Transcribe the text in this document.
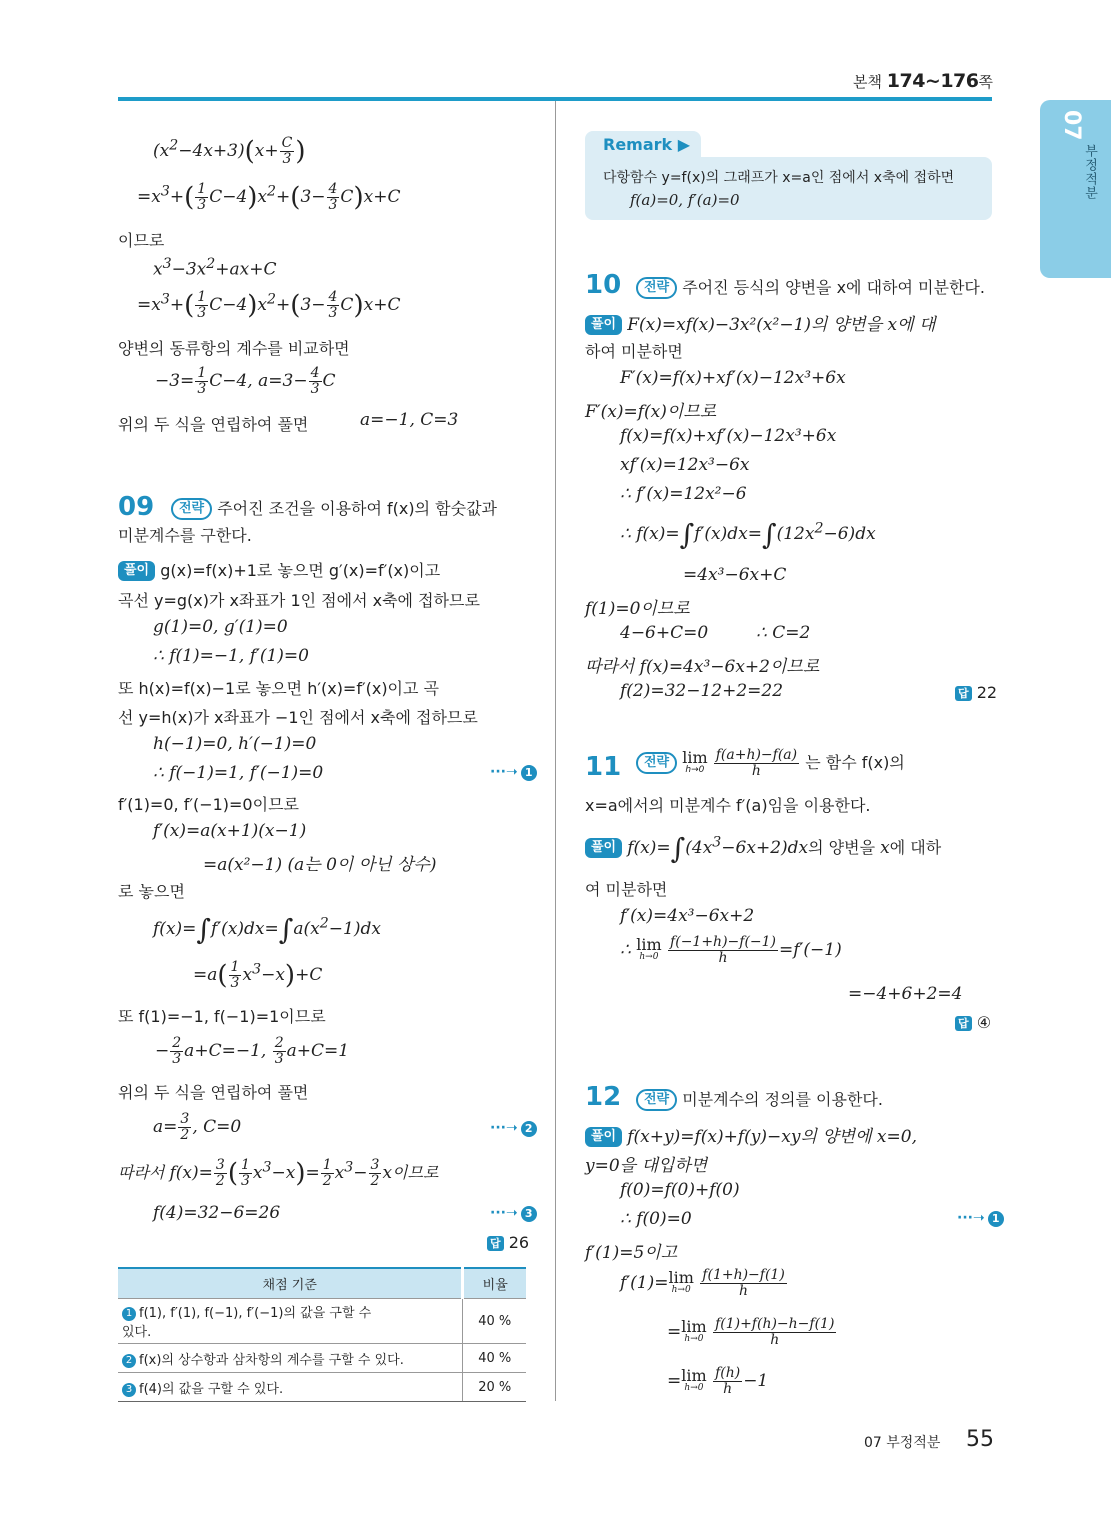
본책 174~176쪽
07
부정적분
$(x^2-4x+3)(x+ \frac{C}{3}$ )
$=x^3+( \frac{1}{3} C-4)x^2+(3- \frac{4}{3} C)x+C$
이므로
$x^3-3x^2+ax+C$
$=x^3+( \frac{1}{3} C-4)x^2+(3- \frac{4}{3} C)x+C$
양변의 동류항의 계수를 비교하면
$-3= \frac{1}{3} C-4$, $a=3- \frac{4}{3}$ C
위의 두 식을 연립하여 풀면	a=−1, C=3
09	전략 주어진 조건을 이용하여 f(x)의 함숫값과
미분계수를 구한다.
풀이 g(x)=f(x)+1로 놓으면 g′(x)=f′(x)이고
곡선 y=g(x)가 x좌표가 1인 점에서 x축에 접하므로
g(1)=0, g′(1)=0
∴ f(1)=−1, f′(1)=0
또 h(x)=f(x)−1로 놓으면 h′(x)=f′(x)이고 곡
선 y=h(x)가 x좌표가 −1인 점에서 x축에 접하므로
h(−1)=0, h′(−1)=0
∴ f(−1)=1, f′(−1)=0	···➝ 1
f′(1)=0, f′(−1)=0이므로
f′(x)=a(x+1)(x−1)
=a(x²−1) (a는 0이 아닌 상수)
로 놓으면
$f(x)=\int f'(x)dx=\int a(x^2-1)dx$
$=a( \frac{1}{3} x^3-x)+C$
또 f(1)=−1, f(−1)=1이므로
− $\frac{2}{3} a+C=-1$, $\frac{2}{3} a+C=1$
위의 두 식을 연립하여 풀면
$a= \frac{3}{2}$ , C=0	···➝ 2
따라서 $f(x)= \frac{3}{2}$ ( $\frac{1}{3} x^3-x)= \frac{1}{2} x^3- \frac{3}{2}$ x이므로
f(4)=32−6=26	···➝ 3
답 26
채점 기준	비율
1 f(1), f′(1), f(−1), f′(−1)의 값을 구할 수
있다.	40 %
2 f(x)의 상수항과 삼차항의 계수를 구할 수 있다.	40 %
3 f(4)의 값을 구할 수 있다.	20 %
Remark ▶
다항함수 y=f(x)의 그래프가 x=a인 점에서 x축에 접하면
f(a)=0, f′(a)=0
10	전략 주어진 등식의 양변을 x에 대하여 미분한다.
풀이 F(x)=xf(x)−3x²(x²−1)의 양변을 x에 대
하여 미분하면
F′(x)=f(x)+xf′(x)−12x³+6x
F′(x)=f(x)이므로
f(x)=f(x)+xf′(x)−12x³+6x
xf′(x)=12x³−6x
∴ f′(x)=12x²−6
∴ $f(x)=\int f'(x)dx=\int(12x^2-6)dx$
=4x³−6x+C
f(1)=0이므로
4−6+C=0	∴ C=2
따라서 f(x)=4x³−6x+2이므로
f(2)=32−12+2=22	답 22
11	전략 lim
h→0
$\frac{f(a+h)-f(a)}{h}$ 는 함수 f(x)의
x=a에서의 미분계수 f′(a)임을 이용한다.
풀이 $f(x)=\int(4x^3-6x+2)dx$의 양변을 x에 대하
여 미분하면
f′(x)=4x³−6x+2
∴ lim
h→0
$\frac{f(-1+h)-f(-1)}{h} =f'(-1)$
=−4+6+2=4
답 ④
12	전략 미분계수의 정의를 이용한다.
풀이 f(x+y)=f(x)+f(y)−xy의 양변에 x=0,
y=0을 대입하면
f(0)=f(0)+f(0)
∴ f(0)=0	···➝ 1
f′(1)=5이고
f′(1)= lim
h→0
$\frac{f(1+h)-f(1)}{h}$
= lim
h→0
$\frac{f(1)+f(h)-h-f(1)}{h}$
= lim
h→0
$\frac{f(h)}{h} -1$
07 부정적분 55
